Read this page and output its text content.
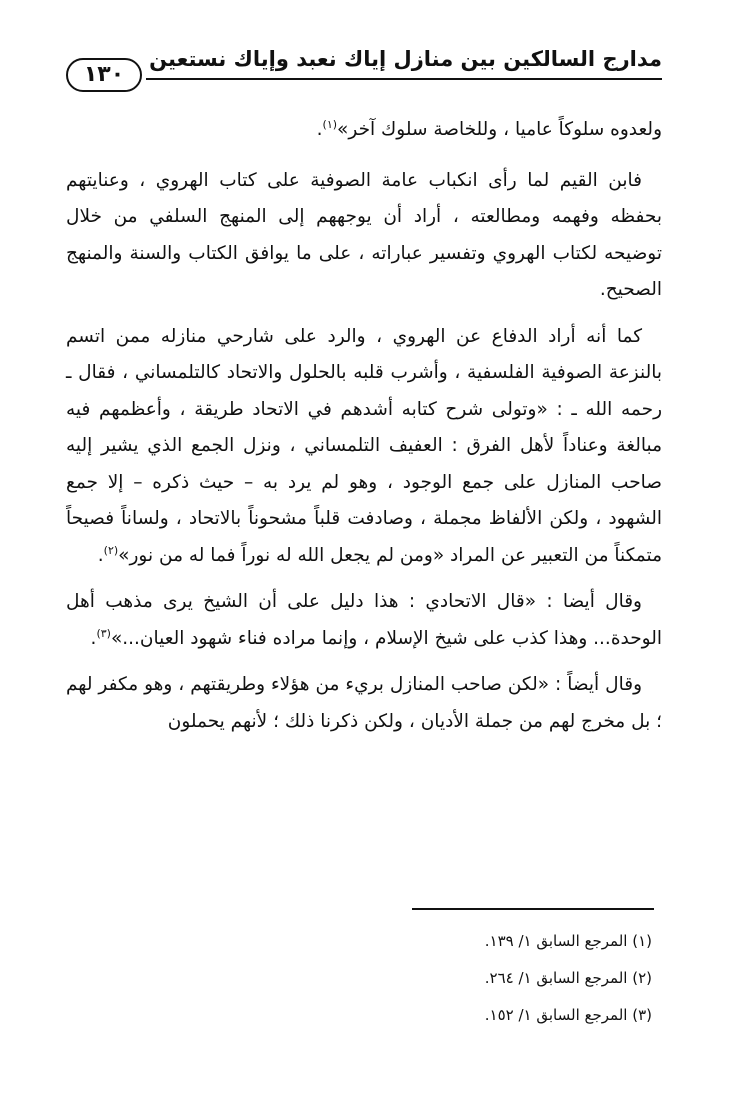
مدارج السالكين بين منازل إياك نعبد وإياك نستعين
١٣٠

ولعدوه سلوكاً عاميا ، وللخاصة سلوك آخر»$^{(١)}$.

فابن القيم لما رأى انكباب عامة الصوفية على كتاب الهروي ، وعنايتهم بحفظه وفهمه ومطالعته ، أراد أن يوجههم إلى المنهج السلفي من خلال توضيحه لكتاب الهروي وتفسير عباراته ، على ما يوافق الكتاب والسنة والمنهج الصحيح.

كما أنه أراد الدفاع عن الهروي ، والرد على شارحي منازله ممن اتسم بالنزعة الصوفية الفلسفية ، وأشرب قلبه بالحلول والاتحاد كالتلمساني ، فقال ـ رحمه الله ـ : «وتولى شرح كتابه أشدهم في الاتحاد طريقة ، وأعظمهم فيه مبالغة وعناداً لأهل الفرق : العفيف التلمساني ، ونزل الجمع الذي يشير إليه صاحب المنازل على جمع الوجود ، وهو لم يرد به – حيث ذكره – إلا جمع الشهود ، ولكن الألفاظ مجملة ، وصادفت قلباً مشحوناً بالاتحاد ، ولساناً فصيحاً متمكناً من التعبير عن المراد «ومن لم يجعل الله له نوراً فما له من نور»$^{(٢)}$.

وقال أيضا : «قال الاتحادي : هذا دليل على أن الشيخ يرى مذهب أهل الوحدة... وهذا كذب على شيخ الإسلام ، وإنما مراده فناء شهود العيان...»$^{(٣)}$.

وقال أيضاً : «لكن صاحب المنازل بريء من هؤلاء وطريقتهم ، وهو مكفر لهم ؛ بل مخرج لهم من جملة الأديان ، ولكن ذكرنا ذلك ؛ لأنهم يحملون

(١) المرجع السابق ١/ ١٣٩.

(٢) المرجع السابق ١/ ٢٦٤.

(٣) المرجع السابق ١/ ١٥٢.
